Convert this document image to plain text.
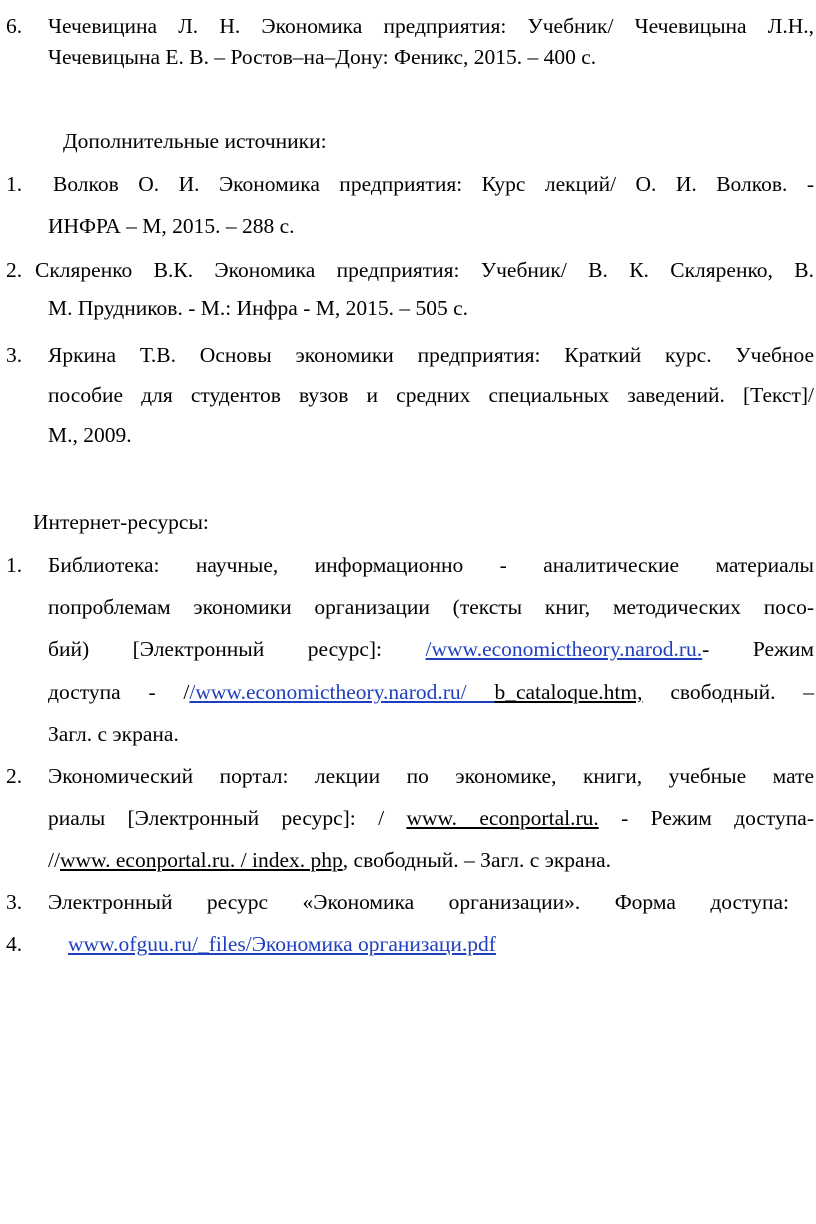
6. Чечевицина Л. Н. Экономика предприятия: Учебник/ Чечевицына Л.Н.,
Чечевицына Е. В. – Ростов–на–Дону: Феникс, 2015. – 400 с.
Дополнительные источники:
1. Волков О. И. Экономика предприятия: Курс лекций/ О. И. Волков. -
ИНФРА – М, 2015. – 288 с.
2. Скляренко В.К. Экономика предприятия: Учебник/ В. К. Скляренко, В.
М. Прудников. - М.: Инфра - М, 2015. – 505 с.
3. Яркина Т.В. Основы экономики предприятия: Краткий курс. Учебное
пособие для студентов вузов и средних специальных заведений. [Текст]/
М., 2009.
Интернет-ресурсы:
1. Библиотека: научные, информационно - аналитические материалы
попроблемам экономики организации (тексты книг, методических посо-
бий) [Электронный ресурс]: /www.economictheory.narod.ru.- Режим
доступа - //www.economictheory.narod.ru/ b_cataloque.htm, свободный. –
Загл. с экрана.
2. Экономический портал: лекции по экономике, книги, учебные мате
риалы [Электронный ресурс]: / www. econportal.ru. - Режим доступа-
//www. econportal.ru. / index. php, свободный. – Загл. с экрана.
3. Электронный ресурс «Экономика организации». Форма доступа:
4. www.ofguu.ru/_files/Экономика организаци.pdf
